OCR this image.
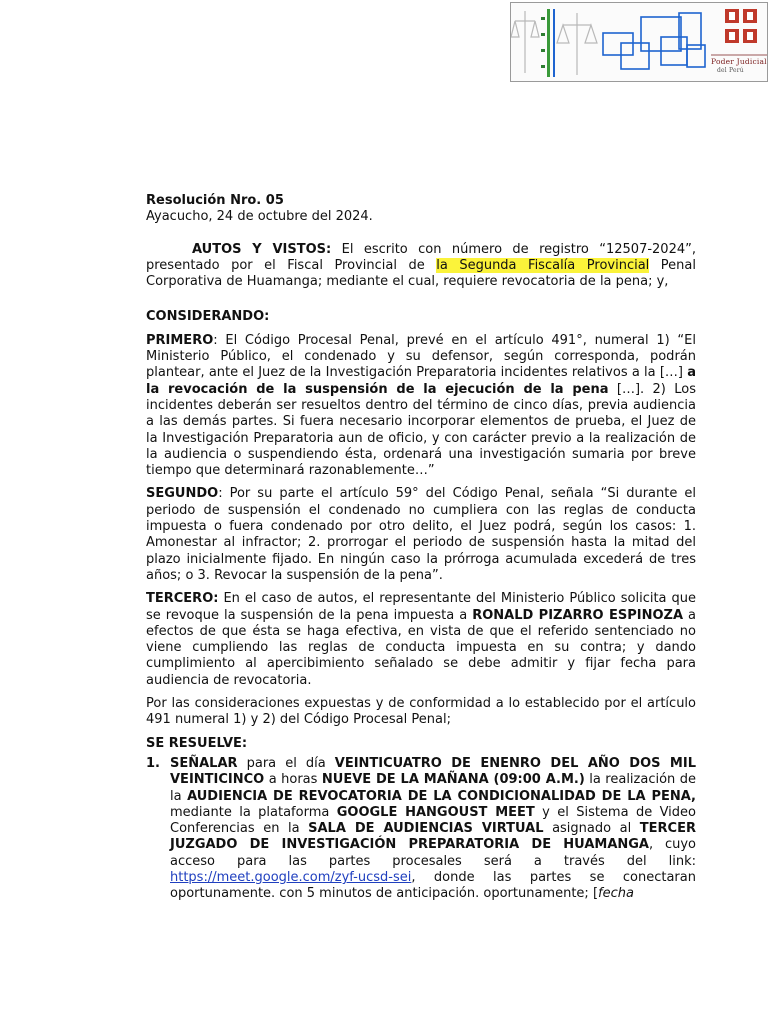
Poder Judicial
del Perú
Resolución Nro. 05
Ayacucho, 24 de octubre del 2024.
AUTOS Y VISTOS: El escrito con número de registro “12507-2024”, presentado por el Fiscal Provincial de la Segunda Fiscalía Provincial Penal Corporativa de Huamanga; mediante el cual, requiere revocatoria de la pena; y,
CONSIDERANDO:
PRIMERO: El Código Procesal Penal, prevé en el artículo 491°, numeral 1) “El Ministerio Público, el condenado y su defensor, según corresponda, podrán plantear, ante el Juez de la Investigación Preparatoria incidentes relativos a la […] a la revocación de la suspensión de la ejecución de la pena […]. 2) Los incidentes deberán ser resueltos dentro del término de cinco días, previa audiencia a las demás partes. Si fuera necesario incorporar elementos de prueba, el Juez de la Investigación Preparatoria aun de oficio, y con carácter previo a la realización de la audiencia o suspendiendo ésta, ordenará una investigación sumaria por breve tiempo que determinará razonablemente…”
SEGUNDO: Por su parte el artículo 59° del Código Penal, señala “Si durante el periodo de suspensión el condenado no cumpliera con las reglas de conducta impuesta o fuera condenado por otro delito, el Juez podrá, según los casos: 1. Amonestar al infractor; 2. prorrogar el periodo de suspensión hasta la mitad del plazo inicialmente fijado. En ningún caso la prórroga acumulada excederá de tres años; o 3. Revocar la suspensión de la pena”.
TERCERO: En el caso de autos, el representante del Ministerio Público solicita que se revoque la suspensión de la pena impuesta a RONALD PIZARRO ESPINOZA a efectos de que ésta se haga efectiva, en vista de que el referido sentenciado no viene cumpliendo las reglas de conducta impuesta en su contra; y dando cumplimiento al apercibimiento señalado se debe admitir y fijar fecha para audiencia de revocatoria.
Por las consideraciones expuestas y de conformidad a lo establecido por el artículo 491 numeral 1) y 2) del Código Procesal Penal;
SE RESUELVE:
1. SEÑALAR para el día VEINTICUATRO DE ENENRO DEL AÑO DOS MIL VEINTICINCO a horas NUEVE DE LA MAÑANA (09:00 A.M.) la realización de la AUDIENCIA DE REVOCATORIA DE LA CONDICIONALIDAD DE LA PENA, mediante la plataforma GOOGLE HANGOUST MEET y el Sistema de Video Conferencias en la SALA DE AUDIENCIAS VIRTUAL asignado al TERCER JUZGADO DE INVESTIGACIÓN PREPARATORIA DE HUAMANGA, cuyo acceso para las partes procesales será a través del link: https://meet.google.com/zyf-ucsd-sei, donde las partes se conectaran oportunamente. con 5 minutos de anticipación. oportunamente; [fecha
